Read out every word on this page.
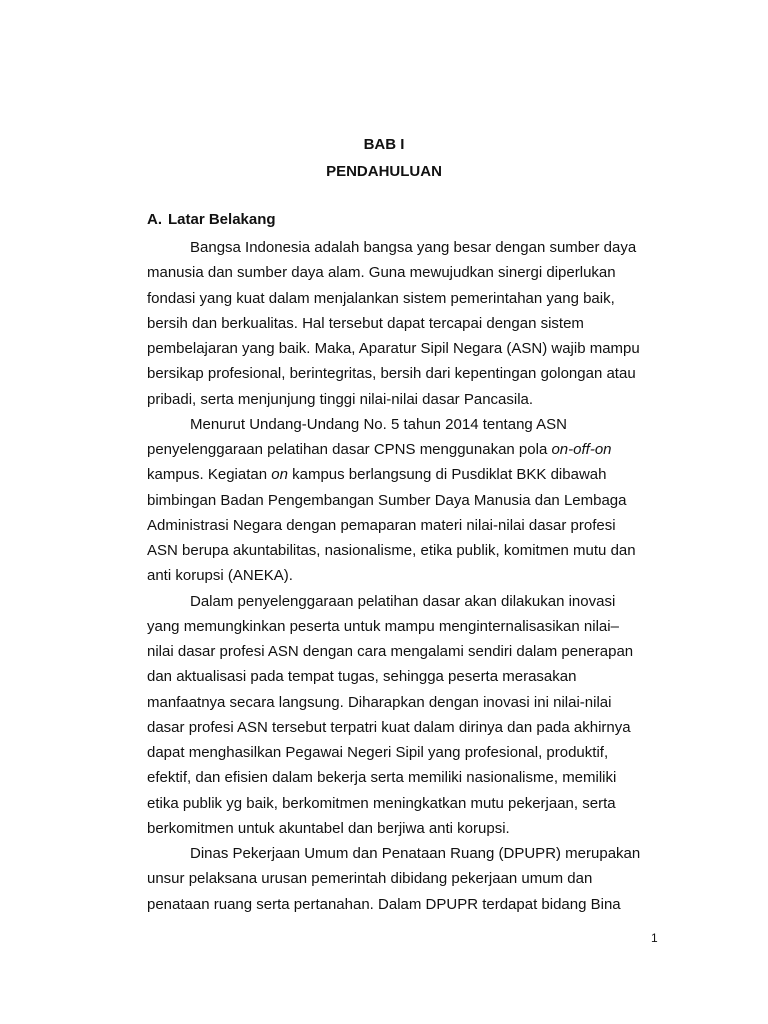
BAB I
PENDAHULUAN
A. Latar Belakang
Bangsa Indonesia adalah bangsa yang besar dengan sumber daya
manusia dan sumber daya alam. Guna mewujudkan sinergi diperlukan
fondasi yang kuat dalam menjalankan sistem pemerintahan yang baik,
bersih dan berkualitas. Hal tersebut dapat tercapai dengan sistem
pembelajaran yang baik. Maka, Aparatur Sipil Negara (ASN) wajib mampu
bersikap profesional, berintegritas, bersih dari kepentingan golongan atau
pribadi, serta menjunjung tinggi nilai-nilai dasar Pancasila.
Menurut Undang-Undang No. 5 tahun 2014 tentang ASN
penyelenggaraan pelatihan dasar CPNS menggunakan pola on-off-on
kampus. Kegiatan on kampus berlangsung di Pusdiklat BKK dibawah
bimbingan Badan Pengembangan Sumber Daya Manusia dan Lembaga
Administrasi Negara dengan pemaparan materi nilai-nilai dasar profesi
ASN berupa akuntabilitas, nasionalisme, etika publik, komitmen mutu dan
anti korupsi (ANEKA).
Dalam penyelenggaraan pelatihan dasar akan dilakukan inovasi
yang memungkinkan peserta untuk mampu menginternalisasikan nilai–
nilai dasar profesi ASN dengan cara mengalami sendiri dalam penerapan
dan aktualisasi pada tempat tugas, sehingga peserta merasakan
manfaatnya secara langsung. Diharapkan dengan inovasi ini nilai-nilai
dasar profesi ASN tersebut terpatri kuat dalam dirinya dan pada akhirnya
dapat menghasilkan Pegawai Negeri Sipil yang profesional, produktif,
efektif, dan efisien dalam bekerja serta memiliki nasionalisme, memiliki
etika publik yg baik, berkomitmen meningkatkan mutu pekerjaan, serta
berkomitmen untuk akuntabel dan berjiwa anti korupsi.
Dinas Pekerjaan Umum dan Penataan Ruang (DPUPR) merupakan
unsur pelaksana urusan pemerintah dibidang pekerjaan umum dan
penataan ruang serta pertanahan. Dalam DPUPR terdapat bidang Bina
1
